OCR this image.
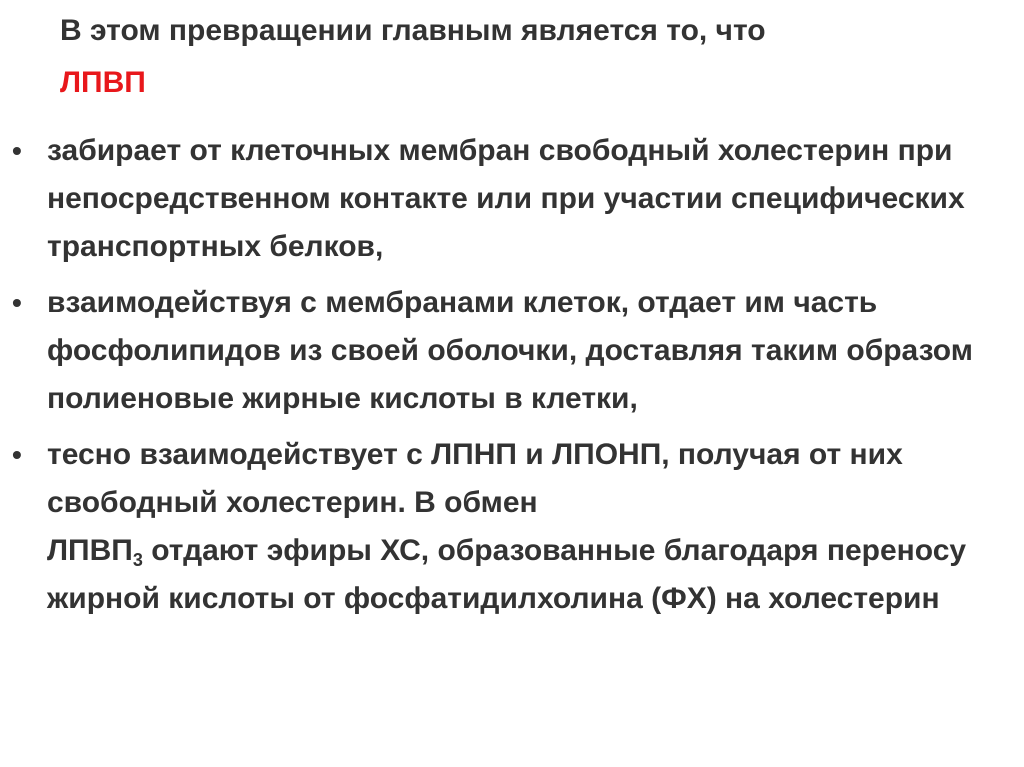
В этом превращении главным является то, что
ЛПВП
• забирает от клеточных мембран свободный холестерин при непосредственном контакте или при участии специфических транспортных белков,
• взаимодействуя с мембранами клеток, отдает им часть фосфолипидов из своей оболочки, доставляя таким образом полиеновые жирные кислоты в клетки,
• тесно взаимодействует с ЛПНП и ЛПОНП, получая от них свободный холестерин. В обмен
$ЛПВП_3$ отдают эфиры ХС, образованные благодаря переносу жирной кислоты от фосфатидилхолина (ФХ) на холестерин
